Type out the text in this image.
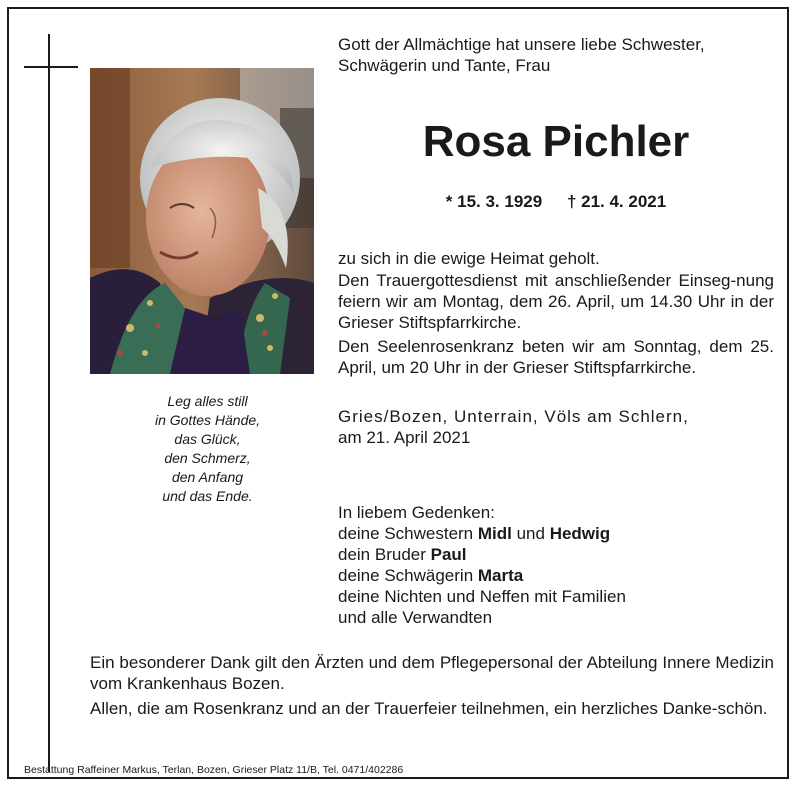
Leg alles still
in Gottes Hände,
das Glück,
den Schmerz,
den Anfang
und das Ende.
Gott der Allmächtige hat unsere liebe Schwester,
Schwägerin und Tante, Frau
Rosa Pichler
* 15. 3. 1929 † 21. 4. 2021
zu sich in die ewige Heimat geholt.
Den Trauergottesdienst mit anschließender Einseg-nung feiern wir am Montag, dem 26. April, um 14.30 Uhr in der Grieser Stiftspfarrkirche.
Den Seelenrosenkranz beten wir am Sonntag, dem 25. April, um 20 Uhr in der Grieser Stiftspfarrkirche.
Gries/Bozen, Unterrain, Völs am Schlern,
am 21. April 2021
In liebem Gedenken:
deine Schwestern Midl und Hedwig
dein Bruder Paul
deine Schwägerin Marta
deine Nichten und Neffen mit Familien
und alle Verwandten
Ein besonderer Dank gilt den Ärzten und dem Pflegepersonal der Abteilung Innere Medizin vom Krankenhaus Bozen.
Allen, die am Rosenkranz und an der Trauerfeier teilnehmen, ein herzliches Danke-schön.
Bestattung Raffeiner Markus, Terlan, Bozen, Grieser Platz 11/B, Tel. 0471/402286
